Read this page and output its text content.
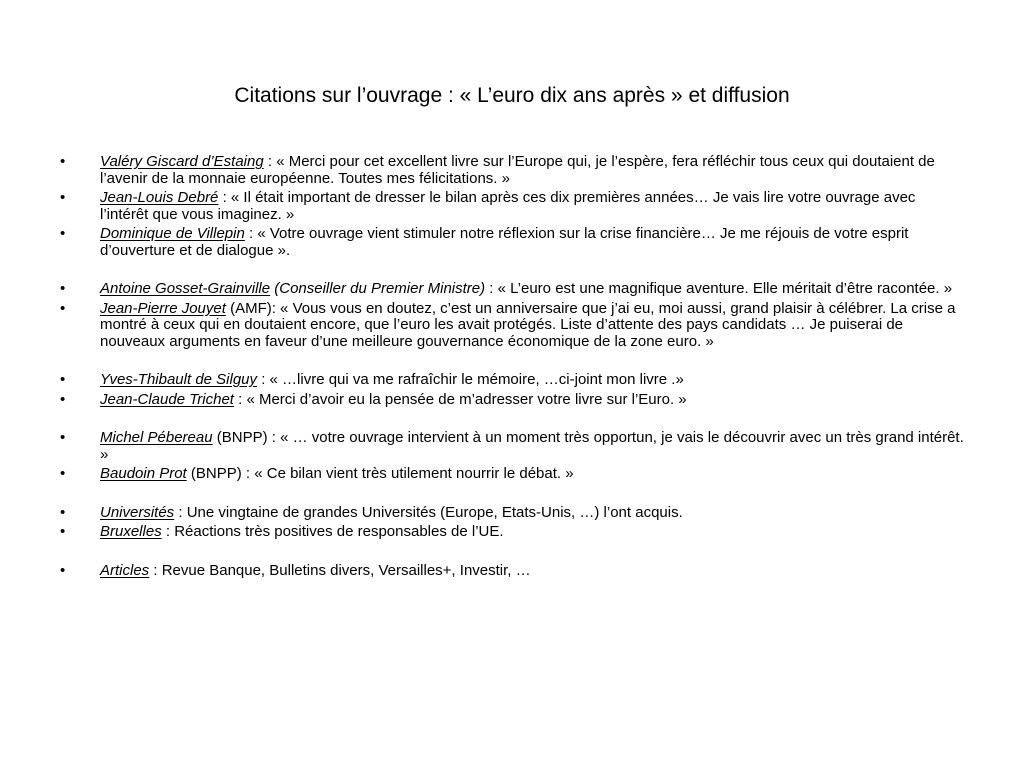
Citations sur l’ouvrage : « L’euro dix ans après » et diffusion
• Valéry Giscard d’Estaing : « Merci pour cet excellent livre sur l’Europe qui, je l’espère, fera réfléchir tous ceux qui doutaient de l’avenir de la monnaie européenne. Toutes mes félicitations. »
• Jean-Louis Debré : « Il était important de dresser le bilan après ces dix premières années… Je vais lire votre ouvrage avec l’intérêt que vous imaginez. »
• Dominique de Villepin : « Votre ouvrage vient stimuler notre réflexion sur la crise financière… Je me réjouis de votre esprit d’ouverture et de dialogue ».
• Antoine Gosset-Grainville (Conseiller du Premier Ministre) : « L’euro est une magnifique aventure. Elle méritait d’être racontée. »
• Jean-Pierre Jouyet (AMF): « Vous vous en doutez, c’est un anniversaire que j’ai eu, moi aussi, grand plaisir à célébrer. La crise a montré à ceux qui en doutaient encore, que l’euro les avait protégés. Liste d’attente des pays candidats … Je puiserai de nouveaux arguments en faveur d’une meilleure gouvernance économique de la zone euro. »
• Yves-Thibault de Silguy : « …livre qui va me rafraîchir le mémoire, …ci-joint mon livre .»
• Jean-Claude Trichet : « Merci d’avoir eu la pensée de m’adresser votre livre sur l’Euro. »
• Michel Pébereau (BNPP) : « … votre ouvrage intervient à un moment très opportun, je vais le découvrir avec un très grand intérêt. »
• Baudoin Prot (BNPP) : « Ce bilan vient très utilement nourrir le débat. »
• Universités : Une vingtaine de grandes Universités (Europe, Etats-Unis, …) l’ont acquis.
• Bruxelles : Réactions très positives de responsables de l’UE.
• Articles : Revue Banque, Bulletins divers, Versailles+, Investir, …
